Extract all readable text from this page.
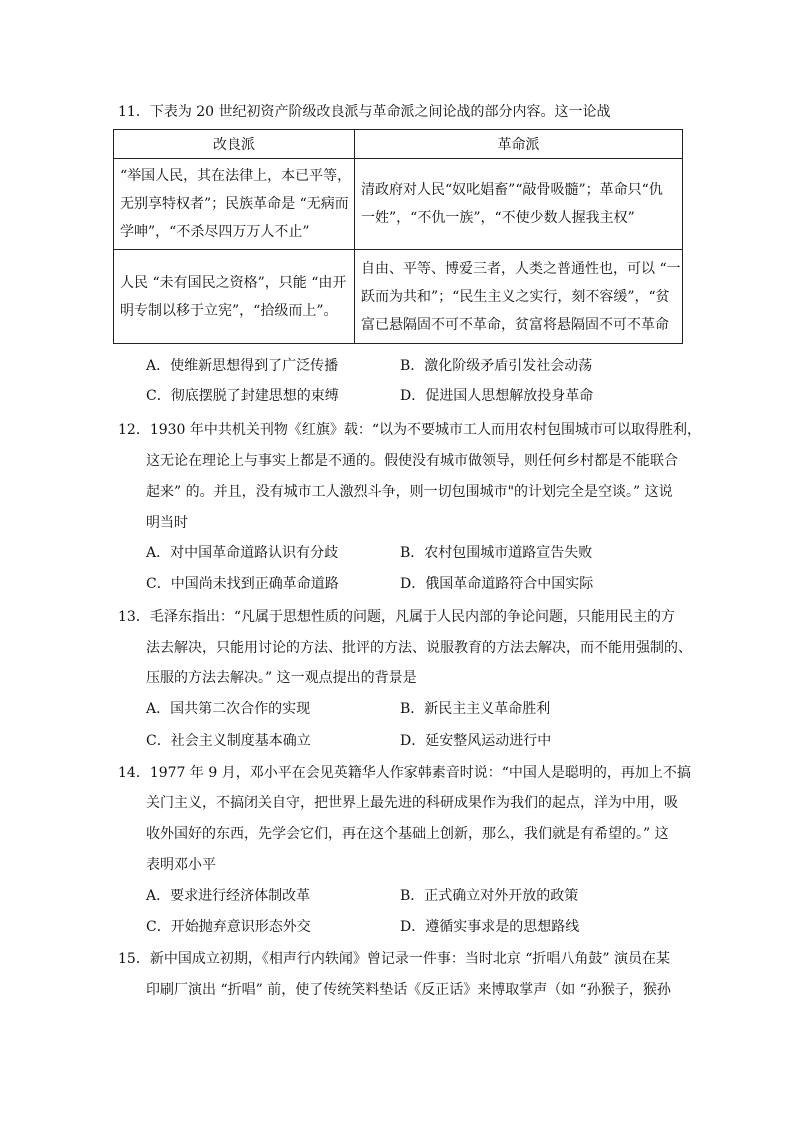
11．下表为 20 世纪初资产阶级改良派与革命派之间论战的部分内容。这一论战
改良派	革命派

“举国人民，其在法律上，本已平等，
无别享特权者”；民族革命是 “无病而
学呻”，“不杀尽四万万人不止”	清政府对人民“奴叱娼畜”“敲骨吸髓”；革命只“仇
一姓”，“不仇一族”，“不使少数人握我主权”

人民 “未有国民之资格”，只能 “由开
明专制以移于立宪”，“拾级而上”。	自由、平等、博爱三者，人类之普通性也，可以 “一
跃而为共和”；“民生主义之实行，刻不容缓”，“贫
富已悬隔固不可不革命，贫富将悬隔固不可不革命
A．使维新思想得到了广泛传播	B．激化阶级矛盾引发社会动荡
C．彻底摆脱了封建思想的束缚	D．促进国人思想解放投身革命
12．1930 年中共机关刊物《红旗》载：“以为不要城市工人而用农村包围城市可以取得胜利，
这无论在理论上与事实上都是不通的。假使没有城市做领导，则任何乡村都是不能联合
起来” 的。并且，没有城市工人激烈斗争，则一切包围城市"的计划完全是空谈。” 这说
明当时
A．对中国革命道路认识有分歧	B．农村包围城市道路宣告失败
C．中国尚未找到正确革命道路	D．俄国革命道路符合中国实际
13．毛泽东指出：“凡属于思想性质的问题，凡属于人民内部的争论问题，只能用民主的方
法去解决，只能用讨论的方法、批评的方法、说服教育的方法去解决，而不能用强制的、
压服的方法去解决。” 这一观点提出的背景是
A．国共第二次合作的实现	B．新民主主义革命胜利
C．社会主义制度基本确立	D．延安整风运动进行中
14．1977 年 9 月，邓小平在会见英籍华人作家韩素音时说：“中国人是聪明的，再加上不搞
关门主义，不搞闭关自守，把世界上最先进的科研成果作为我们的起点，洋为中用，吸
收外国好的东西，先学会它们，再在这个基础上创新，那么，我们就是有希望的。” 这
表明邓小平
A．要求进行经济体制改革	B．正式确立对外开放的政策
C．开始抛弃意识形态外交	D．遵循实事求是的思想路线
15．新中国成立初期，《相声行内轶闻》曾记录一件事：当时北京 “折唱八角鼓” 演员在某
印刷厂演出 “折唱” 前，使了传统笑料垫话《反正话》来博取掌声（如 “孙猴子，猴孙
